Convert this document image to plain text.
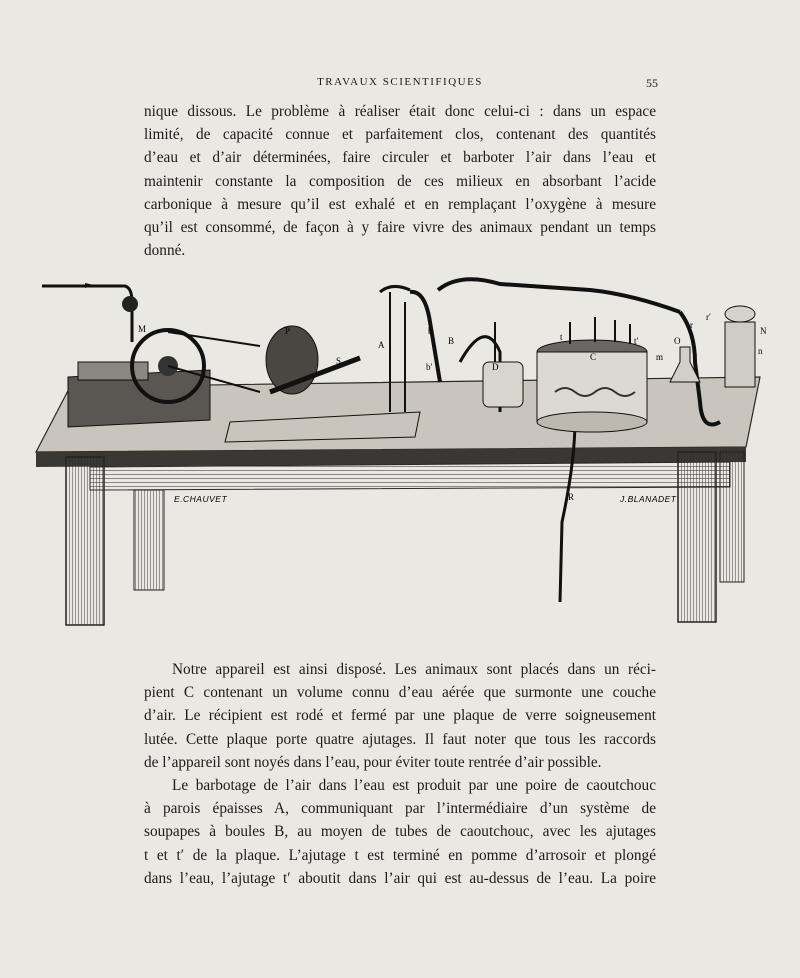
TRAVAUX SCIENTIFIQUES	55

nique dissous. Le problème à réaliser était donc celui-ci : dans un espace

limité, de capacité connue et parfaitement clos, contenant des quantités

d’eau et d’air déterminées, faire circuler et barboter l’air dans l’eau et

maintenir constante la composition de ces milieux en absorbant l’acide

carbonique à mesure qu’il est exhalé et en remplaçant l’oxygène à mesure

qu’il est consommé, de façon à y faire vivre des animaux pendant un temps

donné.

M	P
S
A	B
b
b′	D
C
t	t′
m
O
r
r′
N
n
R
E.CHAUVET	J.BLANADET

Notre appareil est ainsi disposé. Les animaux sont placés dans un réci-

pient C contenant un volume connu d’eau aérée que surmonte une couche

d’air. Le récipient est rodé et fermé par une plaque de verre soigneusement

lutée. Cette plaque porte quatre ajutages. Il faut noter que tous les raccords

de l’appareil sont noyés dans l’eau, pour éviter toute rentrée d’air possible.

Le barbotage de l’air dans l’eau est produit par une poire de caoutchouc

à parois épaisses A, communiquant par l’intermédiaire d’un système de

soupapes à boules B, au moyen de tubes de caoutchouc, avec les ajutages

t et t′ de la plaque. L’ajutage t est terminé en pomme d’arrosoir et plongé

dans l’eau, l’ajutage t′ aboutit dans l’air qui est au-dessus de l’eau. La poire
